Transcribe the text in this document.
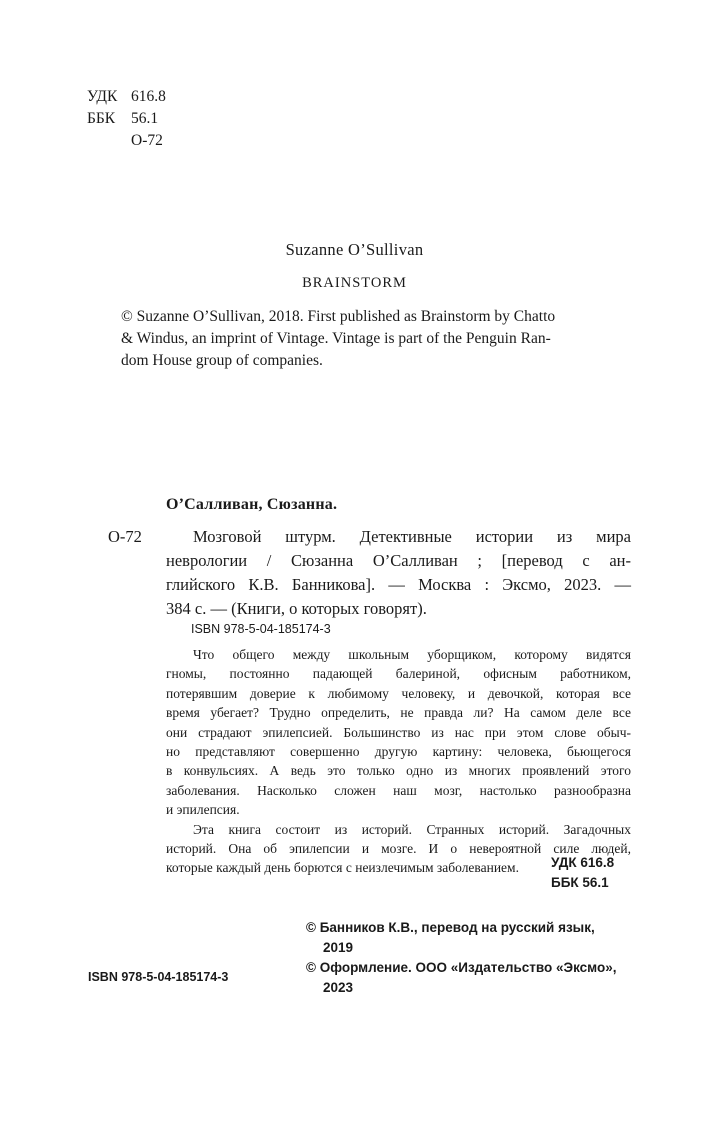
УДК 616.8
ББК 56.1
О-72

Suzanne O’Sullivan

BRAINSTORM

© Suzanne O’Sullivan, 2018. First published as Brainstorm by Chatto

& Windus, an imprint of Vintage. Vintage is part of the Penguin Ran-

dom House group of companies.

О’Салливан, Сюзанна.

О-72	Мозговой штурм. Детективные истории из мира
неврологии / Сюзанна О’Салливан ; [перевод с ан-
глийского К.В. Банникова]. — Москва : Эксмо, 2023. —
384 с. — (Книги, о которых говорят).

ISBN 978-5-04-185174-3

Что общего между школьным уборщиком, которому видятся
гномы, постоянно падающей балериной, офисным работником,
потерявшим доверие к любимому человеку, и девочкой, которая все
время убегает? Трудно определить, не правда ли? На самом деле все
они страдают эпилепсией. Большинство из нас при этом слове обыч-
но представляют совершенно другую картину: человека, бьющегося
в конвульсиях. А ведь это только одно из многих проявлений этого
заболевания. Насколько сложен наш мозг, настолько разнообразна
и эпилепсия.
Эта книга состоит из историй. Странных историй. Загадочных
историй. Она об эпилепсии и мозге. И о невероятной силе людей,
которые каждый день борются с неизлечимым заболеванием.	УДК 616.8
ББК 56.1
© Банников К.В., перевод на русский язык,
2019
© Оформление. ООО «Издательство «Эксмо»,
2023

ISBN 978-5-04-185174-3
